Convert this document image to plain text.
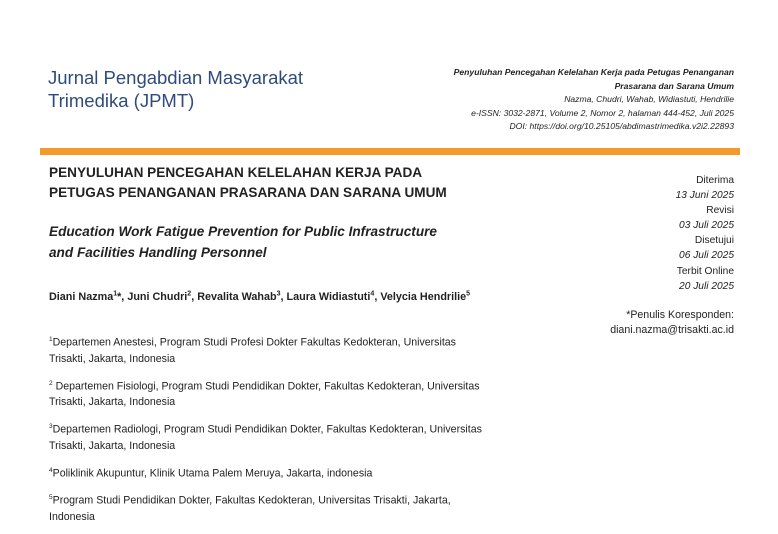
Jurnal Pengabdian Masyarakat
Trimedika (JPMT)
Penyuluhan Pencegahan Kelelahan Kerja pada Petugas Penanganan
Prasarana dan Sarana Umum
Nazma, Chudri, Wahab, Widiastuti, Hendrilie
e-ISSN: 3032-2871, Volume 2, Nomor 2, halaman 444-452, Juli 2025
DOI: https://doi.org/10.25105/abdimastrimedika.v2i2.22893
PENYULUHAN PENCEGAHAN KELELAHAN KERJA PADA
PETUGAS PENANGANAN PRASARANA DAN SARANA UMUM
Education Work Fatigue Prevention for Public Infrastructure
and Facilities Handling Personnel
Diani Nazma$^1$*, Juni Chudri$^2$, Revalita Wahab$^3$, Laura Widiastuti$^4$, Velycia Hendrilie$^5$
$^1$Departemen Anestesi, Program Studi Profesi Dokter Fakultas Kedokteran, Universitas
Trisakti, Jakarta, Indonesia
$^2$ Departemen Fisiologi, Program Studi Pendidikan Dokter, Fakultas Kedokteran, Universitas
Trisakti, Jakarta, Indonesia
$^3$Departemen Radiologi, Program Studi Pendidikan Dokter, Fakultas Kedokteran, Universitas
Trisakti, Jakarta, Indonesia
$^4$Poliklinik Akupuntur, Klinik Utama Palem Meruya, Jakarta, indonesia
$^5$Program Studi Pendidikan Dokter, Fakultas Kedokteran, Universitas Trisakti, Jakarta,
Indonesia
Diterima
13 Juni 2025
Revisi
03 Juli 2025
Disetujui
06 Juli 2025
Terbit Online
20 Juli 2025
*Penulis Koresponden:
diani.nazma@trisakti.ac.id
